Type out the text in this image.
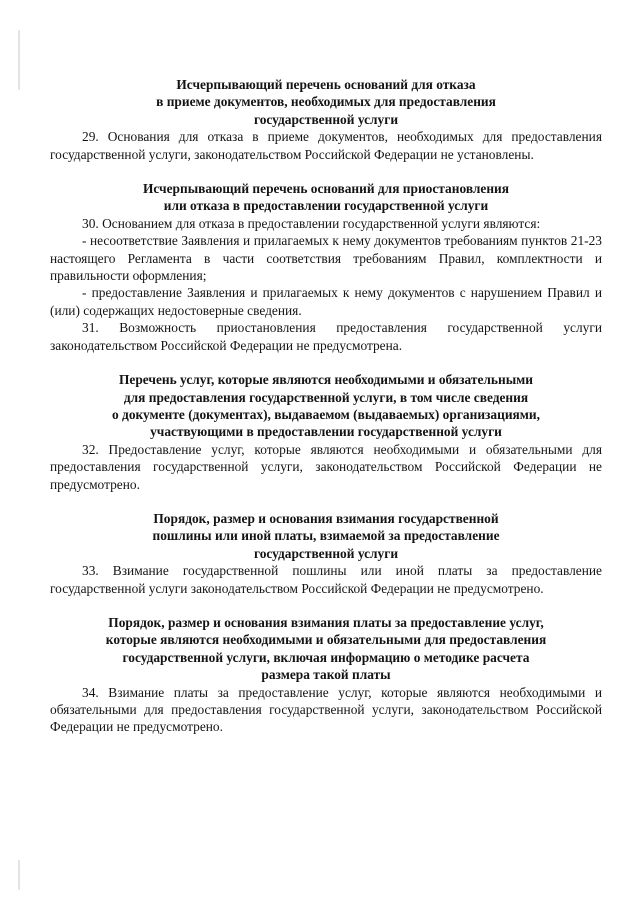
Исчерпывающий перечень оснований для отказа
в приеме документов, необходимых для предоставления
государственной услуги

29. Основания для отказа в приеме документов, необходимых для предоставления государственной услуги, законодательством Российской Федерации не установлены.

Исчерпывающий перечень оснований для приостановления
или отказа в предоставлении государственной услуги

30. Основанием для отказа в предоставлении государственной услуги являются:

- несоответствие Заявления и прилагаемых к нему документов требованиям пунктов 21-23 настоящего Регламента в части соответствия требованиям Правил, комплектности и правильности оформления;

- предоставление Заявления и прилагаемых к нему документов с нарушением Правил и (или) содержащих недостоверные сведения.

31. Возможность приостановления предоставления государственной услуги законодательством Российской Федерации не предусмотрена.

Перечень услуг, которые являются необходимыми и обязательными
для предоставления государственной услуги, в том числе сведения
о документе (документах), выдаваемом (выдаваемых) организациями,
участвующими в предоставлении государственной услуги

32. Предоставление услуг, которые являются необходимыми и обязательными для предоставления государственной услуги, законодательством Российской Федерации не предусмотрено.

Порядок, размер и основания взимания государственной
пошлины или иной платы, взимаемой за предоставление
государственной услуги

33. Взимание государственной пошлины или иной платы за предоставление государственной услуги законодательством Российской Федерации не предусмотрено.

Порядок, размер и основания взимания платы за предоставление услуг,
которые являются необходимыми и обязательными для предоставления
государственной услуги, включая информацию о методике расчета
размера такой платы

34. Взимание платы за предоставление услуг, которые являются необходимыми и обязательными для предоставления государственной услуги, законодательством Российской Федерации не предусмотрено.
